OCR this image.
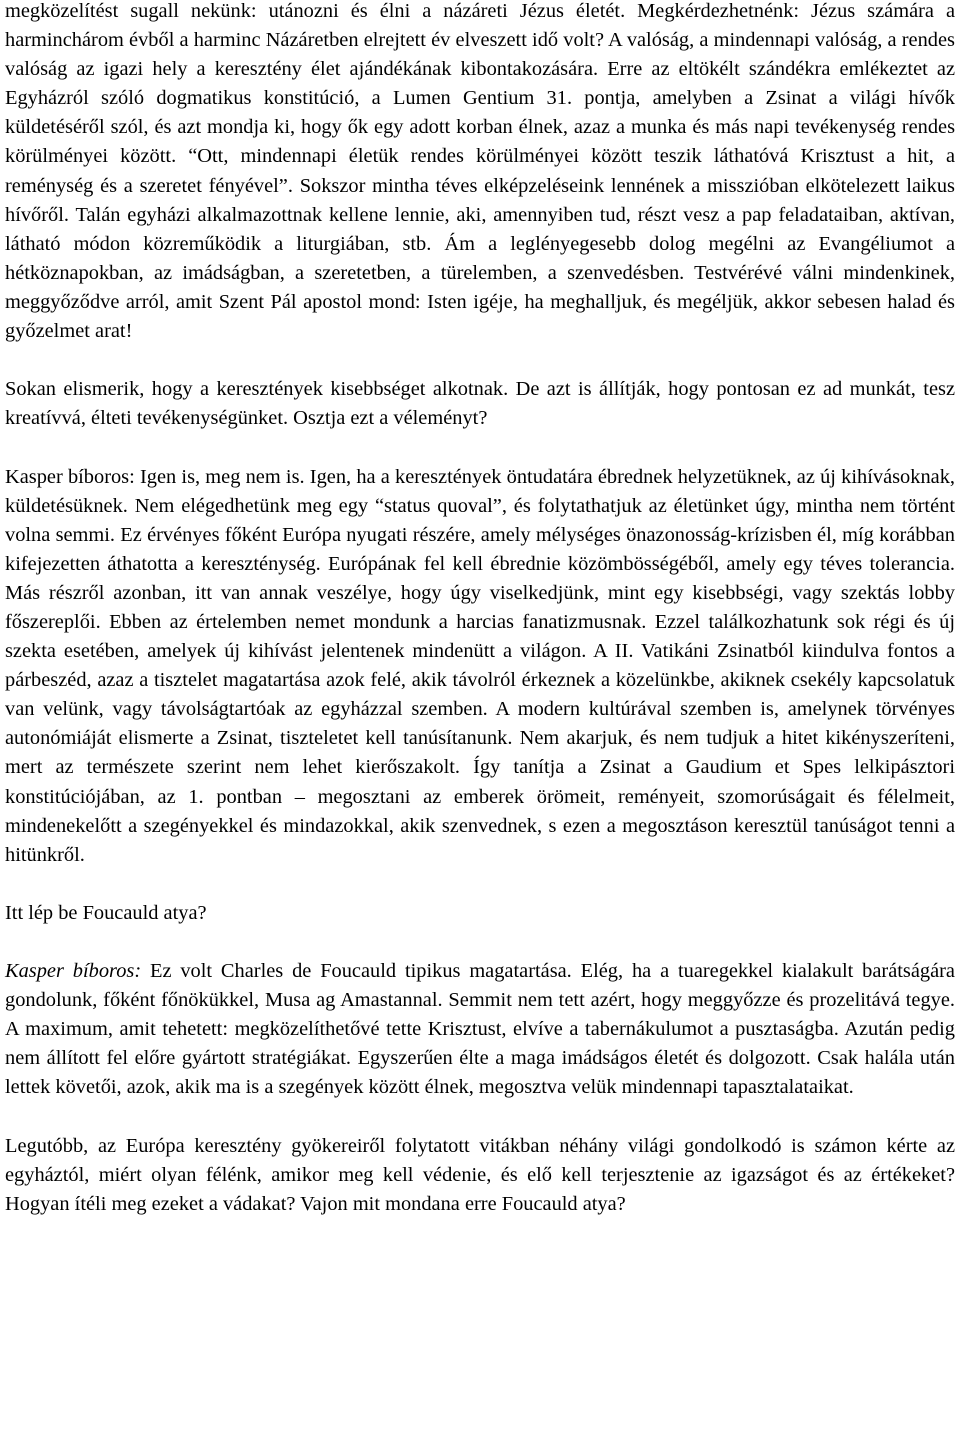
megközelítést sugall nekünk: utánozni és élni a názáreti Jézus életét. Megkérdezhetnénk: Jézus számára a harminchárom évből a harminc Názáretben elrejtett év elveszett idő volt? A valóság, a mindennapi valóság, a rendes valóság az igazi hely a keresztény élet ajándékának kibontakozására. Erre az eltökélt szándékra emlékeztet az Egyházról szóló dogmatikus konstitúció, a Lumen Gentium 31. pontja, amelyben a Zsinat a világi hívők küldetéséről szól, és azt mondja ki, hogy ők egy adott korban élnek, azaz a munka és más napi tevékenység rendes körülményei között. “Ott, mindennapi életük rendes körülményei között teszik láthatóvá Krisztust a hit, a reménység és a szeretet fényével”. Sokszor mintha téves elképzeléseink lennének a misszióban elkötelezett laikus hívőről. Talán egyházi alkalmazottnak kellene lennie, aki, amennyiben tud, részt vesz a pap feladataiban, aktívan, látható módon közreműködik a liturgiában, stb. Ám a leglényegesebb dolog megélni az Evangéliumot a hétköznapokban, az imádságban, a szeretetben, a türelemben, a szenvedésben. Testvérévé válni mindenkinek, meggyőződve arról, amit Szent Pál apostol mond: Isten igéje, ha meghalljuk, és megéljük, akkor sebesen halad és győzelmet arat!

Sokan elismerik, hogy a keresztények kisebbséget alkotnak. De azt is állítják, hogy pontosan ez ad munkát, tesz kreatívvá, élteti tevékenységünket. Osztja ezt a véleményt?

Kasper bíboros: Igen is, meg nem is. Igen, ha a keresztények öntudatára ébrednek helyzetüknek, az új kihívásoknak, küldetésüknek. Nem elégedhetünk meg egy “status quoval”, és folytathatjuk az életünket úgy, mintha nem történt volna semmi. Ez érvényes főként Európa nyugati részére, amely mélységes önazonosság-krízisben él, míg korábban kifejezetten áthatotta a kereszténység. Európának fel kell ébrednie közömbösségéből, amely egy téves tolerancia. Más részről azonban, itt van annak veszélye, hogy úgy viselkedjünk, mint egy kisebbségi, vagy szektás lobby főszereplői. Ebben az értelemben nemet mondunk a harcias fanatizmusnak. Ezzel találkozhatunk sok régi és új szekta esetében, amelyek új kihívást jelentenek mindenütt a világon. A II. Vatikáni Zsinatból kiindulva fontos a párbeszéd, azaz a tisztelet magatartása azok felé, akik távolról érkeznek a közelünkbe, akiknek csekély kapcsolatuk van velünk, vagy távolságtartóak az egyházzal szemben. A modern kultúrával szemben is, amelynek törvényes autonómiáját elismerte a Zsinat, tiszteletet kell tanúsítanunk. Nem akarjuk, és nem tudjuk a hitet kikényszeríteni, mert az természete szerint nem lehet kierőszakolt. Így tanítja a Zsinat a Gaudium et Spes lelkipásztori konstitúciójában, az 1. pontban – megosztani az emberek örömeit, reményeit, szomorúságait és félelmeit, mindenekelőtt a szegényekkel és mindazokkal, akik szenvednek, s ezen a megosztáson keresztül tanúságot tenni a hitünkről.

Itt lép be Foucauld atya?

Kasper bíboros: Ez volt Charles de Foucauld tipikus magatartása. Elég, ha a tuaregekkel kialakult barátságára gondolunk, főként főnökükkel, Musa ag Amastannal. Semmit nem tett azért, hogy meggyőzze és prozelitává tegye. A maximum, amit tehetett: megközelíthetővé tette Krisztust, elvíve a tabernákulumot a pusztaságba. Azután pedig nem állított fel előre gyártott stratégiákat. Egyszerűen élte a maga imádságos életét és dolgozott. Csak halála után lettek követői, azok, akik ma is a szegények között élnek, megosztva velük mindennapi tapasztalataikat.

Legutóbb, az Európa keresztény gyökereiről folytatott vitákban néhány világi gondolkodó is számon kérte az egyháztól, miért olyan félénk, amikor meg kell védenie, és elő kell terjesztenie az igazságot és az értékeket? Hogyan ítéli meg ezeket a vádakat? Vajon mit mondana erre Foucauld atya?
